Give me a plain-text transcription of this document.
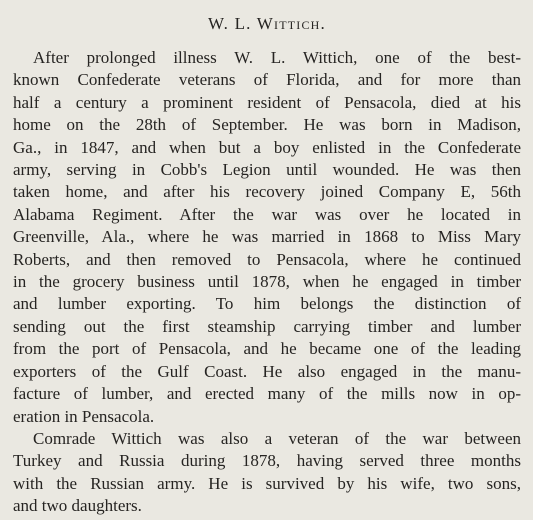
W. L. Wittich.
After prolonged illness W. L. Wittich, one of the best-
known Confederate veterans of Florida, and for more than
half a century a prominent resident of Pensacola, died at his
home on the 28th of September. He was born in Madison,
Ga., in 1847, and when but a boy enlisted in the Confederate
army, serving in Cobb's Legion until wounded. He was then
taken home, and after his recovery joined Company E, 56th
Alabama Regiment. After the war was over he located in
Greenville, Ala., where he was married in 1868 to Miss Mary
Roberts, and then removed to Pensacola, where he continued
in the grocery business until 1878, when he engaged in timber
and lumber exporting. To him belongs the distinction of
sending out the first steamship carrying timber and lumber
from the port of Pensacola, and he became one of the leading
exporters of the Gulf Coast. He also engaged in the manu-
facture of lumber, and erected many of the mills now in op-
eration in Pensacola.
Comrade Wittich was also a veteran of the war between
Turkey and Russia during 1878, having served three months
with the Russian army. He is survived by his wife, two sons,
and two daughters.
